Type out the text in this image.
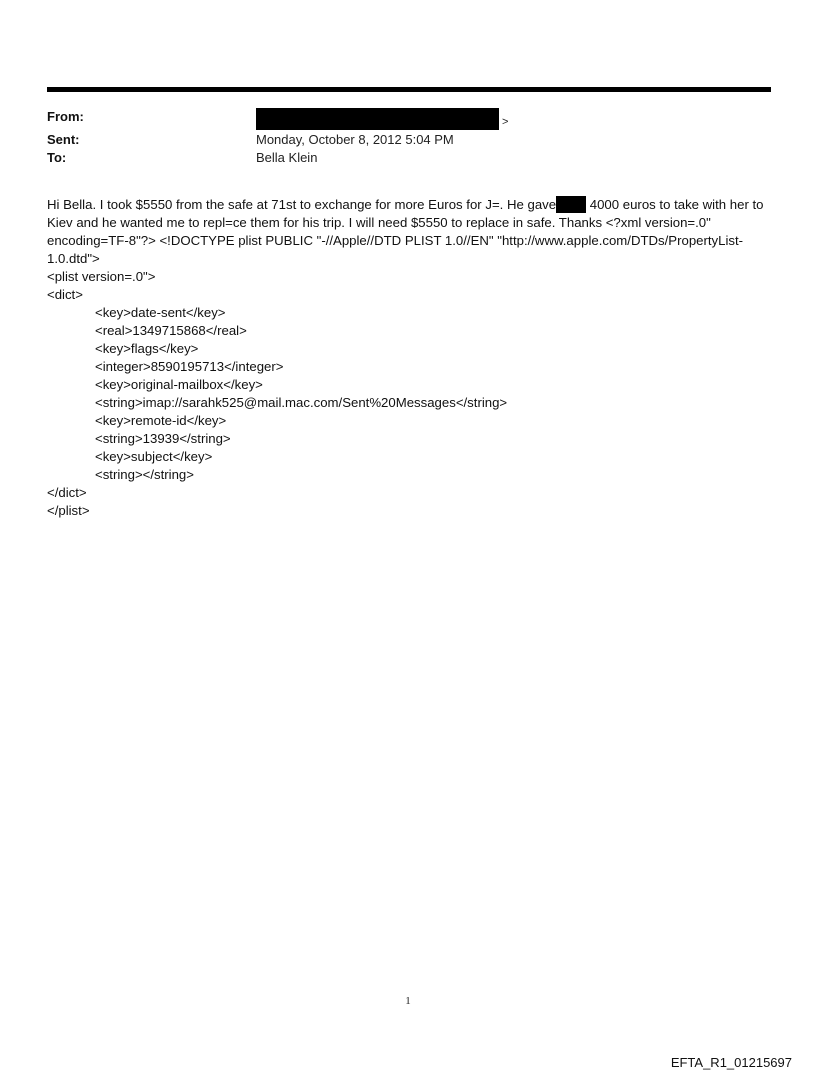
From:	>
Sent:	Monday, October 8, 2012 5:04 PM
To:	Bella Klein

Hi Bella. I took $5550 from the safe at 71st to exchange for more Euros for J=. He gave 4000 euros to take with her to Kiev and he wanted me to repl=ce them for his trip. I will need $5550 to replace in safe. Thanks <?xml version=.0" encoding=TF-8"?> <!DOCTYPE plist PUBLIC "-//Apple//DTD PLIST 1.0//EN" "http://www.apple.com/DTDs/PropertyList-1.0.dtd">

<plist version=.0">
<dict>
<key>date-sent</key>
<real>1349715868</real>
<key>flags</key>
<integer>8590195713</integer>
<key>original-mailbox</key>
<string>imap://sarahk525@mail.mac.com/Sent%20Messages</string>
<key>remote-id</key>
<string>13939</string>
<key>subject</key>
<string></string>
</dict>
</plist>
1
EFTA_R1_01215697
